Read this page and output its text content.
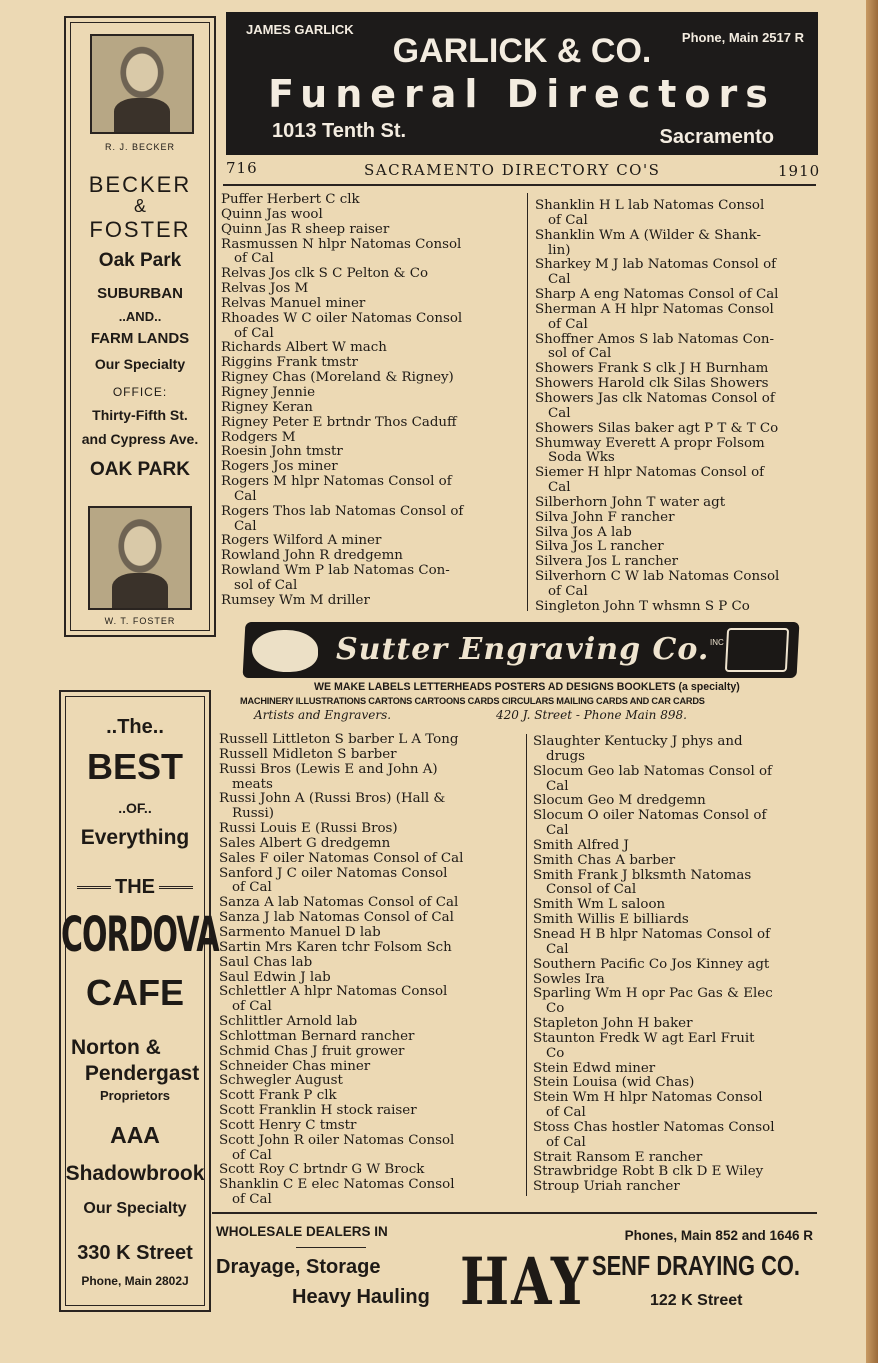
JAMES GARLICK
Phone, Main 2517 R
GARLICK & CO.
Funeral Directors
1013 Tenth St.	Sacramento
716	SACRAMENTO DIRECTORY CO'S	1910
R. J. BECKER
BECKER
&
FOSTER
Oak Park
SUBURBAN
..AND..
FARM LANDS
Our Specialty
OFFICE:
Thirty-Fifth St.
and Cypress Ave.
OAK PARK
W. T. FOSTER
Puffer Herbert C clk
Quinn Jas wool
Quinn Jas R sheep raiser
Rasmussen N hlpr Natomas Consol
of Cal
Relvas Jos clk S C Pelton & Co
Relvas Jos M
Relvas Manuel miner
Rhoades W C oiler Natomas Consol
of Cal
Richards Albert W mach
Riggins Frank tmstr
Rigney Chas (Moreland & Rigney)
Rigney Jennie
Rigney Keran
Rigney Peter E brtndr Thos Caduff
Rodgers M
Roesin John tmstr
Rogers Jos miner
Rogers M hlpr Natomas Consol of
Cal
Rogers Thos lab Natomas Consol of
Cal
Rogers Wilford A miner
Rowland John R dredgemn
Rowland Wm P lab Natomas Con-
sol of Cal
Rumsey Wm M driller
Shanklin H L lab Natomas Consol
of Cal
Shanklin Wm A (Wilder & Shank-
lin)
Sharkey M J lab Natomas Consol of
Cal
Sharp A eng Natomas Consol of Cal
Sherman A H hlpr Natomas Consol
of Cal
Shoffner Amos S lab Natomas Con-
sol of Cal
Showers Frank S clk J H Burnham
Showers Harold clk Silas Showers
Showers Jas clk Natomas Consol of
Cal
Showers Silas baker agt P T & T Co
Shumway Everett A propr Folsom
Soda Wks
Siemer H hlpr Natomas Consol of
Cal
Silberhorn John T water agt
Silva John F rancher
Silva Jos A lab
Silva Jos L rancher
Silvera Jos L rancher
Silverhorn C W lab Natomas Consol
of Cal
Singleton John T whsmn S P Co
Sutter Engraving Co. INC
WE MAKE LABELS LETTERHEADS POSTERS AD DESIGNS BOOKLETS (a specialty)
MACHINERY ILLUSTRATIONS CARTONS CARTOONS CARDS CIRCULARS MAILING CARDS AND CAR CARDS
Artists and Engravers.	420 J. Street - Phone Main 898.
..The..
BEST
..OF..
Everything
THE
CORDOVA
CAFE
Norton &
Pendergast
Proprietors
AAA
Shadowbrook
Our Specialty
330 K Street
Phone, Main 2802J
Russell Littleton S barber L A Tong
Russell Midleton S barber
Russi Bros (Lewis E and John A)
meats
Russi John A (Russi Bros) (Hall &
Russi)
Russi Louis E (Russi Bros)
Sales Albert G dredgemn
Sales F oiler Natomas Consol of Cal
Sanford J C oiler Natomas Consol
of Cal
Sanza A lab Natomas Consol of Cal
Sanza J lab Natomas Consol of Cal
Sarmento Manuel D lab
Sartin Mrs Karen tchr Folsom Sch
Saul Chas lab
Saul Edwin J lab
Schlettler A hlpr Natomas Consol
of Cal
Schlittler Arnold lab
Schlottman Bernard rancher
Schmid Chas J fruit grower
Schneider Chas miner
Schwegler August
Scott Frank P clk
Scott Franklin H stock raiser
Scott Henry C tmstr
Scott John R oiler Natomas Consol
of Cal
Scott Roy C brtndr G W Brock
Shanklin C E elec Natomas Consol
of Cal
Slaughter Kentucky J phys and
drugs
Slocum Geo lab Natomas Consol of
Cal
Slocum Geo M dredgemn
Slocum O oiler Natomas Consol of
Cal
Smith Alfred J
Smith Chas A barber
Smith Frank J blksmth Natomas
Consol of Cal
Smith Wm L saloon
Smith Willis E billiards
Snead H B hlpr Natomas Consol of
Cal
Southern Pacific Co Jos Kinney agt
Sowles Ira
Sparling Wm H opr Pac Gas & Elec
Co
Stapleton John H baker
Staunton Fredk W agt Earl Fruit
Co
Stein Edwd miner
Stein Louisa (wid Chas)
Stein Wm H hlpr Natomas Consol
of Cal
Stoss Chas hostler Natomas Consol
of Cal
Strait Ransom E rancher
Strawbridge Robt B clk D E Wiley
Stroup Uriah rancher
WHOLESALE DEALERS IN	Phones, Main 852 and 1646 R
Drayage, Storage
Heavy Hauling HAY SENF DRAYING CO.
122 K Street
